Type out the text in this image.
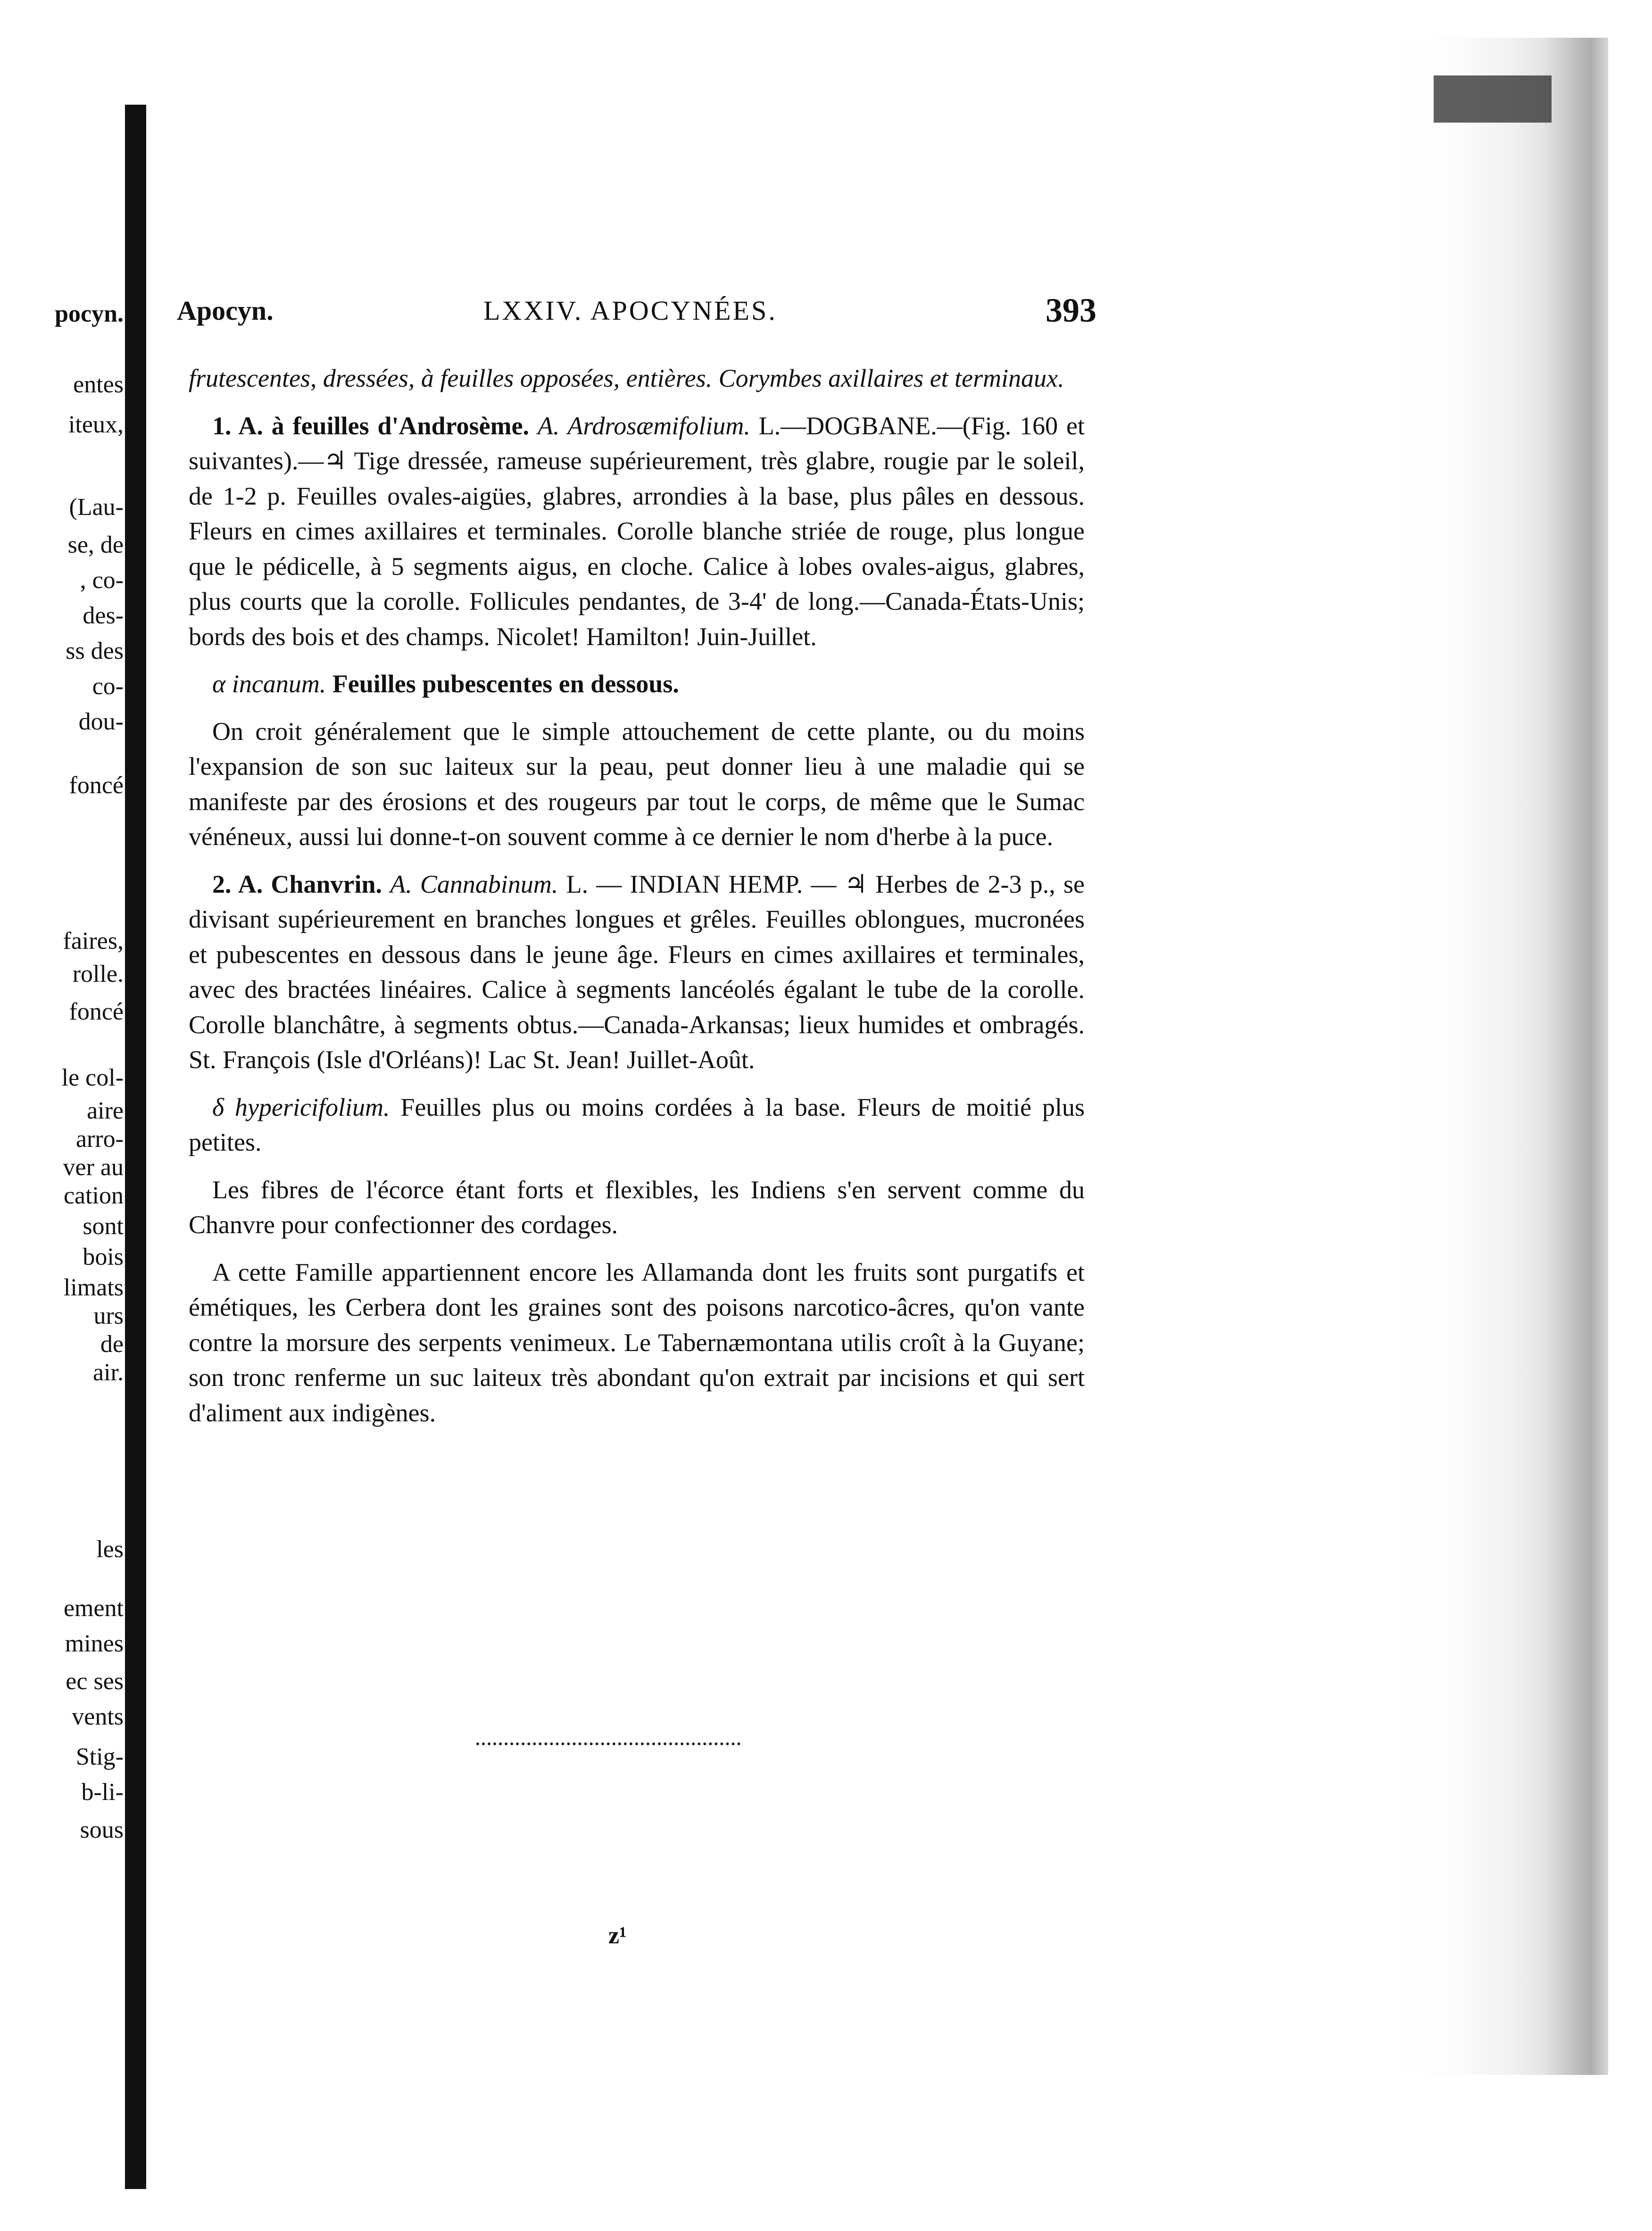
pocyn.
entes
iteux,
(Lau-
se, de
, co-
des-
ss des
co-
dou-
foncé
faires,
rolle.
foncé
le col-
aire
arro-
ver au
cation
sont
bois
limats
urs
de
air.
les
ement
mines
ec ses
vents
Stig-
b-li-
sous
Apocyn.	LXXIV. APOCYNÉES.	393

frutescentes, dressées, à feuilles opposées, entières. Corymbes axillaires et terminaux.

1. A. à feuilles d'Androsème. A. Ardrosæmifolium. L.—DOGBANE.—(Fig. 160 et suivantes).—♃ Tige dressée, rameuse supérieurement, très glabre, rougie par le soleil, de 1-2 p. Feuilles ovales-aigües, glabres, arrondies à la base, plus pâles en dessous. Fleurs en cimes axillaires et terminales. Corolle blanche striée de rouge, plus longue que le pédicelle, à 5 segments aigus, en cloche. Calice à lobes ovales-aigus, glabres, plus courts que la corolle. Follicules pendantes, de 3-4' de long.—Canada-États-Unis; bords des bois et des champs. Nicolet! Hamilton! Juin-Juillet.

α incanum. Feuilles pubescentes en dessous.

On croit généralement que le simple attouchement de cette plante, ou du moins l'expansion de son suc laiteux sur la peau, peut donner lieu à une maladie qui se manifeste par des érosions et des rougeurs par tout le corps, de même que le Sumac vénéneux, aussi lui donne-t-on souvent comme à ce dernier le nom d'herbe à la puce.

2. A. Chanvrin. A. Cannabinum. L. — INDIAN HEMP. — ♃ Herbes de 2-3 p., se divisant supérieurement en branches longues et grêles. Feuilles oblongues, mucronées et pubescentes en dessous dans le jeune âge. Fleurs en cimes axillaires et terminales, avec des bractées linéaires. Calice à segments lancéolés égalant le tube de la corolle. Corolle blanchâtre, à segments obtus.—Canada-Arkansas; lieux humides et ombragés. St. François (Isle d'Orléans)! Lac St. Jean! Juillet-Août.

δ hypericifolium. Feuilles plus ou moins cordées à la base. Fleurs de moitié plus petites.

Les fibres de l'écorce étant forts et flexibles, les Indiens s'en servent comme du Chanvre pour confectionner des cordages.

A cette Famille appartiennent encore les Allamanda dont les fruits sont purgatifs et émétiques, les Cerbera dont les graines sont des poisons narcotico-âcres, qu'on vante contre la morsure des serpents venimeux. Le Tabernæmontana utilis croît à la Guyane; son tronc renferme un suc laiteux très abondant qu'on extrait par incisions et qui sert d'aliment aux indigènes.

z¹
